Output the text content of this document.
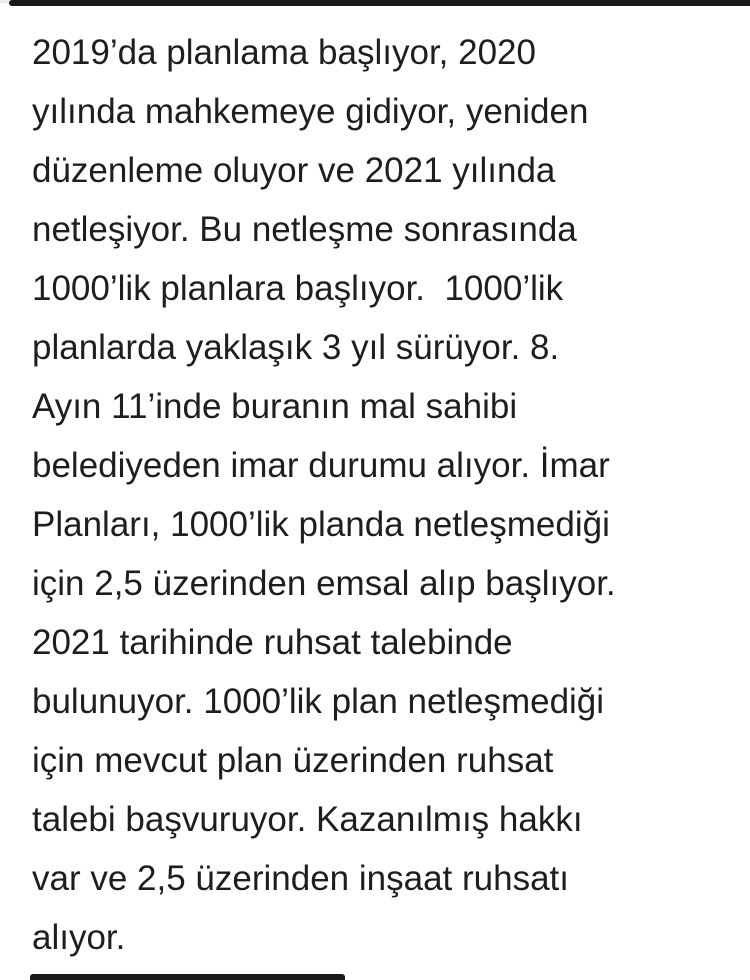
2019’da planlama başlıyor, 2020
yılında mahkemeye gidiyor, yeniden
düzenleme oluyor ve 2021 yılında
netleşiyor. Bu netleşme sonrasında
1000’lik planlara başlıyor.  1000’lik
planlarda yaklaşık 3 yıl sürüyor. 8.
Ayın 11’inde buranın mal sahibi
belediyeden imar durumu alıyor. İmar
Planları, 1000’lik planda netleşmediği
için 2,5 üzerinden emsal alıp başlıyor.
2021 tarihinde ruhsat talebinde
bulunuyor. 1000’lik plan netleşmediği
için mevcut plan üzerinden ruhsat
talebi başvuruyor. Kazanılmış hakkı
var ve 2,5 üzerinden inşaat ruhsatı
alıyor.
